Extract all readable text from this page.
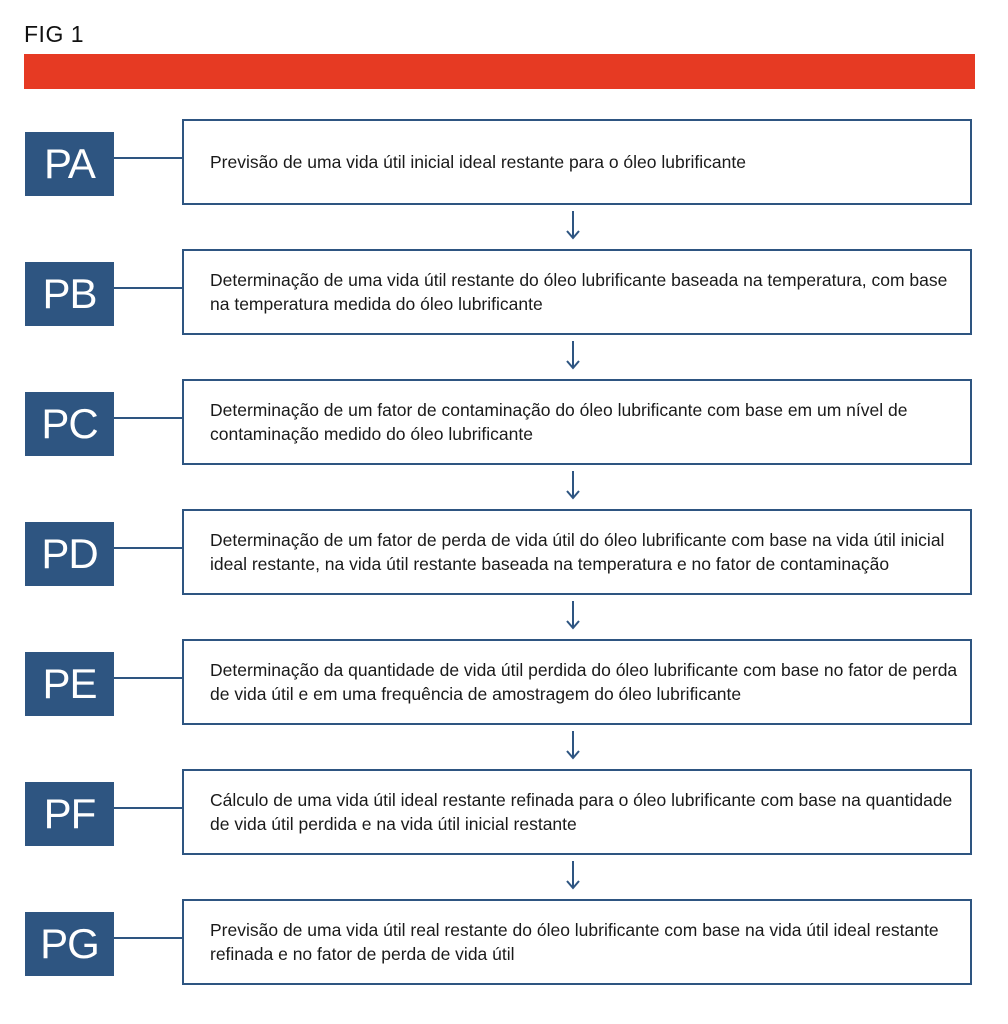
FIG 1
PA	Previsão de uma vida útil inicial ideal restante para o óleo lubrificante
PB	Determinação de uma vida útil restante do óleo lubrificante baseada na temperatura, com base na temperatura medida do óleo lubrificante
PC	Determinação de um fator de contaminação do óleo lubrificante com base em um nível de contaminação medido do óleo lubrificante
PD	Determinação de um fator de perda de vida útil do óleo lubrificante com base na vida útil inicial ideal restante, na vida útil restante baseada na temperatura e no fator de contaminação
PE	Determinação da quantidade de vida útil perdida do óleo lubrificante com base no fator de perda de vida útil e em uma frequência de amostragem do óleo lubrificante
PF	Cálculo de uma vida útil ideal restante refinada para o óleo lubrificante com base na quantidade de vida útil perdida e na vida útil inicial restante
PG	Previsão de uma vida útil real restante do óleo lubrificante com base na vida útil ideal restante refinada e no fator de perda de vida útil
